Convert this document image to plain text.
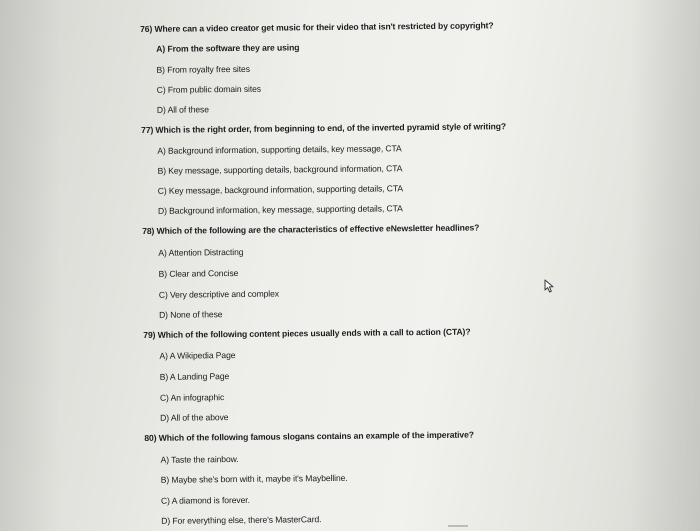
76) Where can a video creator get music for their video that isn't restricted by copyright?
A) From the software they are using
B) From royalty free sites
C) From public domain sites
D) All of these
77) Which is the right order, from beginning to end, of the inverted pyramid style of writing?
A) Background information, supporting details, key message, CTA
B) Key message, supporting details, background information, CTA
C) Key message, background information, supporting details, CTA
D) Background information, key message, supporting details, CTA
78) Which of the following are the characteristics of effective eNewsletter headlines?
A) Attention Distracting
B) Clear and Concise
C) Very descriptive and complex
D) None of these
79) Which of the following content pieces usually ends with a call to action (CTA)?
A) A Wikipedia Page
B) A Landing Page
C) An infographic
D) All of the above
80) Which of the following famous slogans contains an example of the imperative?
A) Taste the rainbow.
B) Maybe she's born with it, maybe it's Maybelline.
C) A diamond is forever.
D) For everything else, there's MasterCard.
